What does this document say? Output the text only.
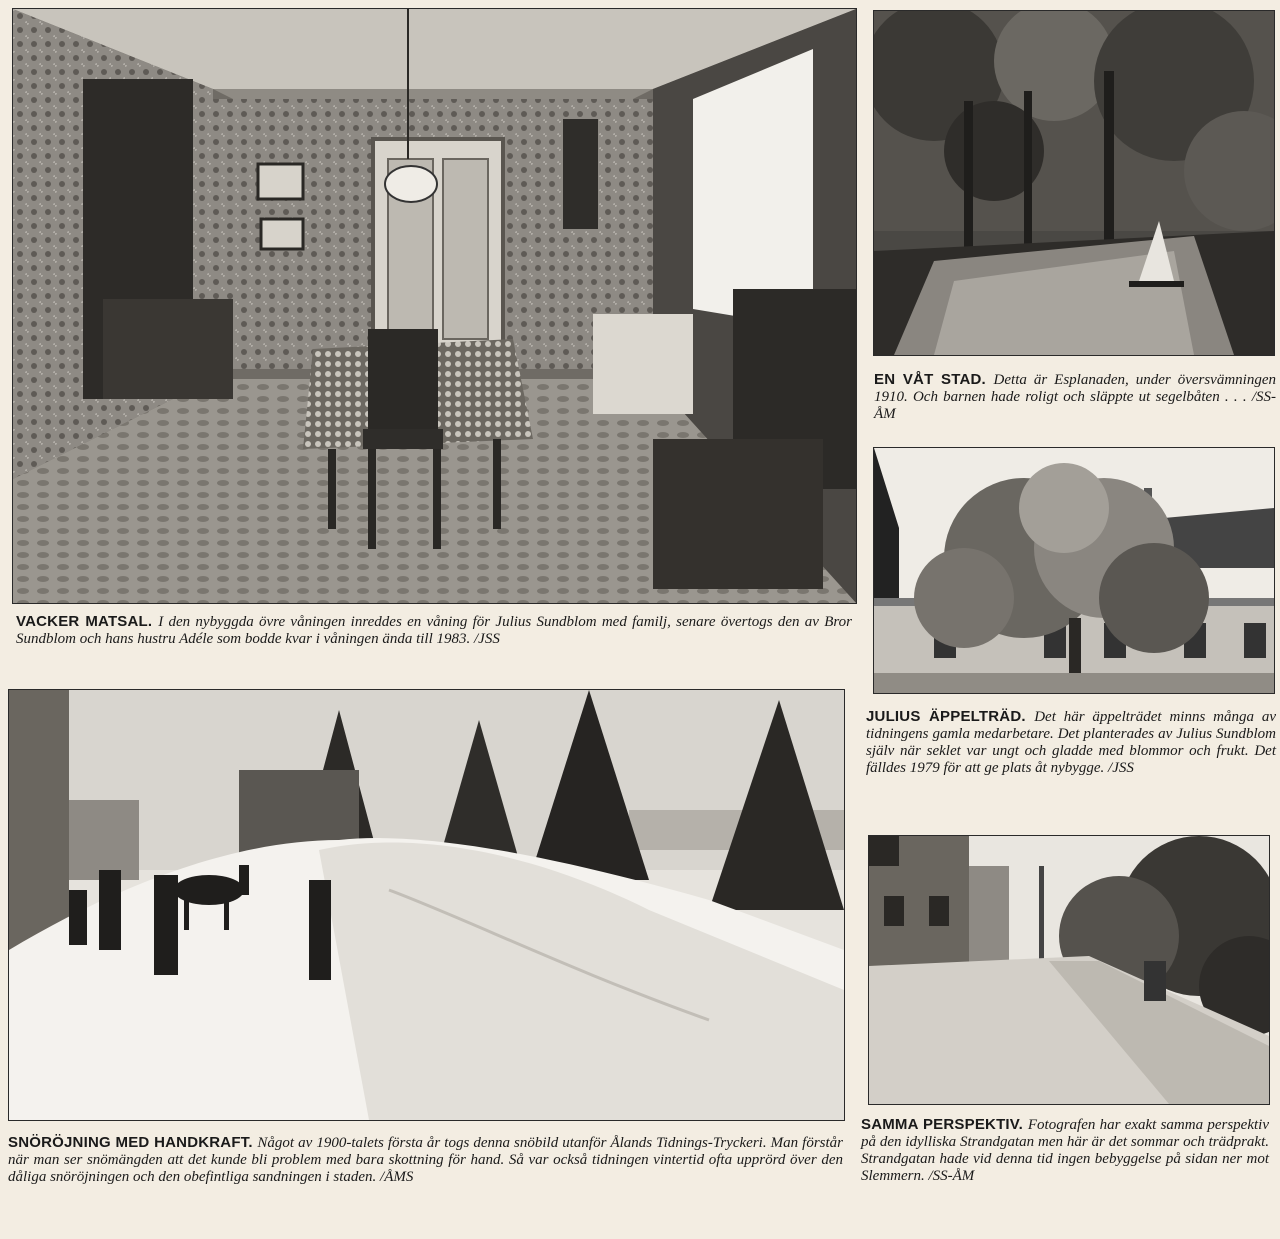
VACKER MATSAL. I den nybyggda övre våningen inreddes en våning för Julius Sundblom med familj, senare övertogs den av Bror Sundblom och hans hustru Adéle som bodde kvar i våningen ända till 1983. /JSS
EN VÅT STAD. Detta är Esplanaden, under översvämningen 1910. Och barnen hade roligt och släppte ut segelbåten . . . /SS-ÅM
JULIUS ÄPPELTRÄD. Det här äppelträdet minns många av tidningens gamla medarbetare. Det planterades av Julius Sundblom själv när seklet var ungt och gladde med blommor och frukt. Det fälldes 1979 för att ge plats åt nybygge. /JSS
SNÖRÖJNING MED HANDKRAFT. Något av 1900-talets första år togs denna snöbild utanför Ålands Tidnings-Tryckeri. Man förstår när man ser snömängden att det kunde bli problem med bara skottning för hand. Så var också tidningen vintertid ofta upprörd över den dåliga snöröjningen och den obefintliga sandningen i staden. /ÅMS
SAMMA PERSPEKTIV. Fotografen har exakt samma perspektiv på den idylliska Strandgatan men här är det sommar och trädprakt. Strandgatan hade vid denna tid ingen bebyggelse på sidan ner mot Slemmern. /SS-ÅM
